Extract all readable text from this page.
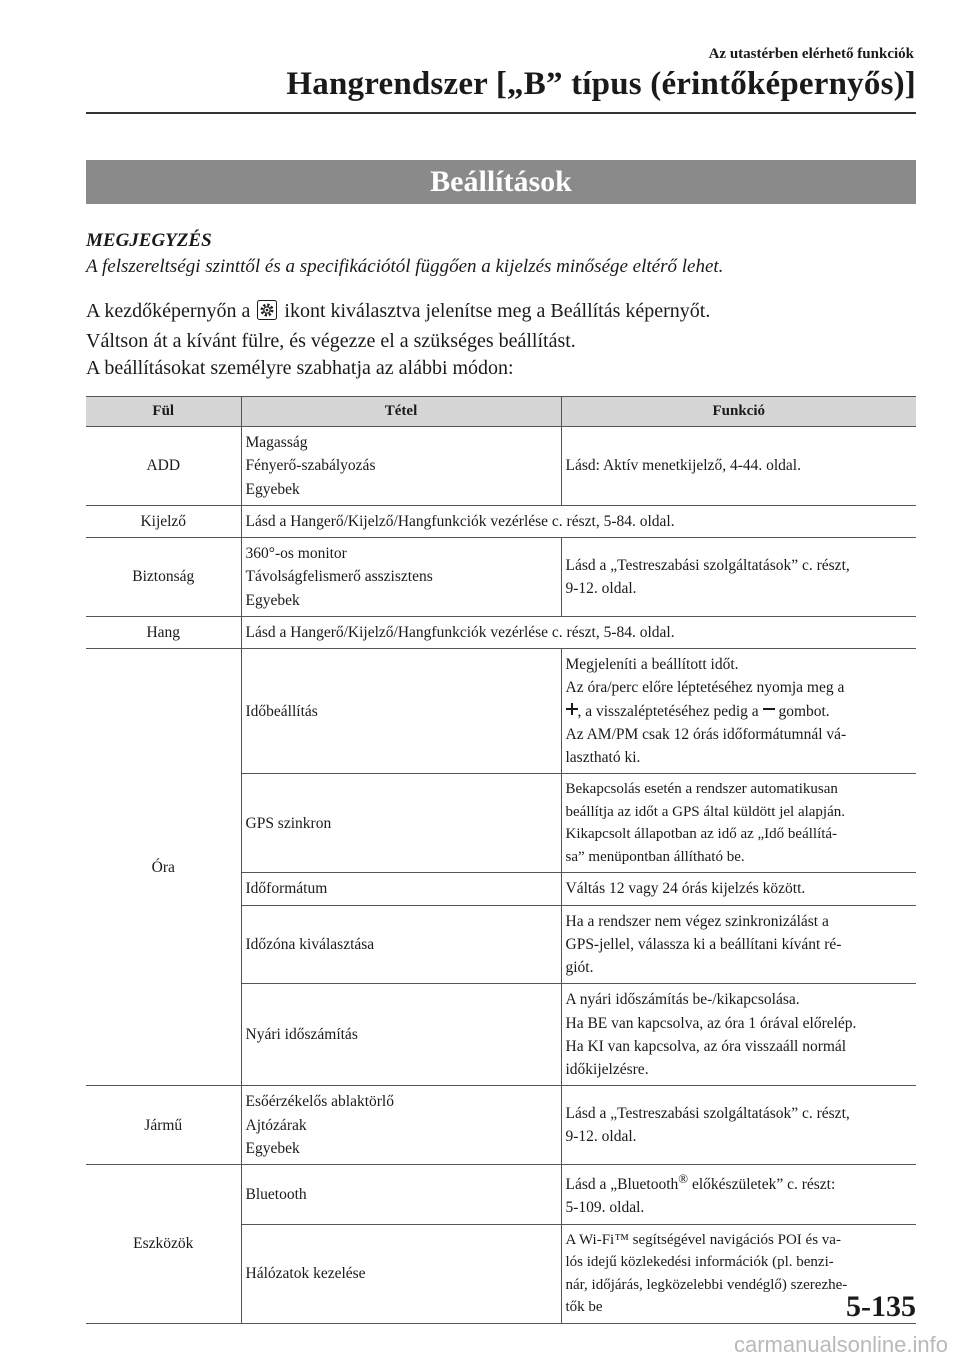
Az utastérben elérhető funkciók
Hangrendszer [„B” típus (érintőképernyős)]
Beállítások
MEGJEGYZÉS
A felszereltségi szinttől és a specifikációtól függően a kijelzés minősége eltérő lehet.
A kezdőképernyőn a ikont kiválasztva jelenítse meg a Beállítás képernyőt.
Váltson át a kívánt fülre, és végezze el a szükséges beállítást.
A beállításokat személyre szabhatja az alábbi módon:
Fül	Tétel	Funkció
ADD	Magasság
Fényerő-szabályozás
Egyebek	Lásd: Aktív menetkijelző, 4-44. oldal.
Kijelző	Lásd a Hangerő/Kijelző/Hangfunkciók vezérlése c. részt, 5-84. oldal.	
Biztonság	360°-os monitor
Távolságfelismerő asszisztens
Egyebek	Lásd a „Testreszabási szolgáltatások” c. részt,
9-12. oldal.
Hang	Lásd a Hangerő/Kijelző/Hangfunkciók vezérlése c. részt, 5-84. oldal.	
Óra	Időbeállítás	Megjeleníti a beállított időt.
Az óra/perc előre léptetéséhez nyomja meg a
, a visszaléptetéséhez pedig a gombot.
Az AM/PM csak 12 órás időformátumnál vá-
lasztható ki.

	GPS szinkron	Bekapcsolás esetén a rendszer automatikusan
beállítja az időt a GPS által küldött jel alapján.
Kikapcsolt állapotban az idő az „Idő beállítá-
sa” menüpontban állítható be.
	Időformátum	Váltás 12 vagy 24 órás kijelzés között.
	Időzóna kiválasztása	Ha a rendszer nem végez szinkronizálást a
GPS-jellel, válassza ki a beállítani kívánt ré-
giót.
	Nyári időszámítás	A nyári időszámítás be-/kikapcsolása.
Ha BE van kapcsolva, az óra 1 órával előrelép.
Ha KI van kapcsolva, az óra visszaáll normál
időkijelzésre.
Jármű	Esőérzékelős ablaktörlő
Ajtózárak
Egyebek	Lásd a „Testreszabási szolgáltatások” c. részt,
9-12. oldal.
Eszközök	Bluetooth	Lásd a „Bluetooth® előkészületek” c. részt:
5-109. oldal.
	Hálózatok kezelése	A Wi-Fi™ segítségével navigációs POI és va-
lós idejű közlekedési információk (pl. benzi-
nár, időjárás, legközelebbi vendéglő) szerezhe-
tők be	5-135
carmanualsonline.info
